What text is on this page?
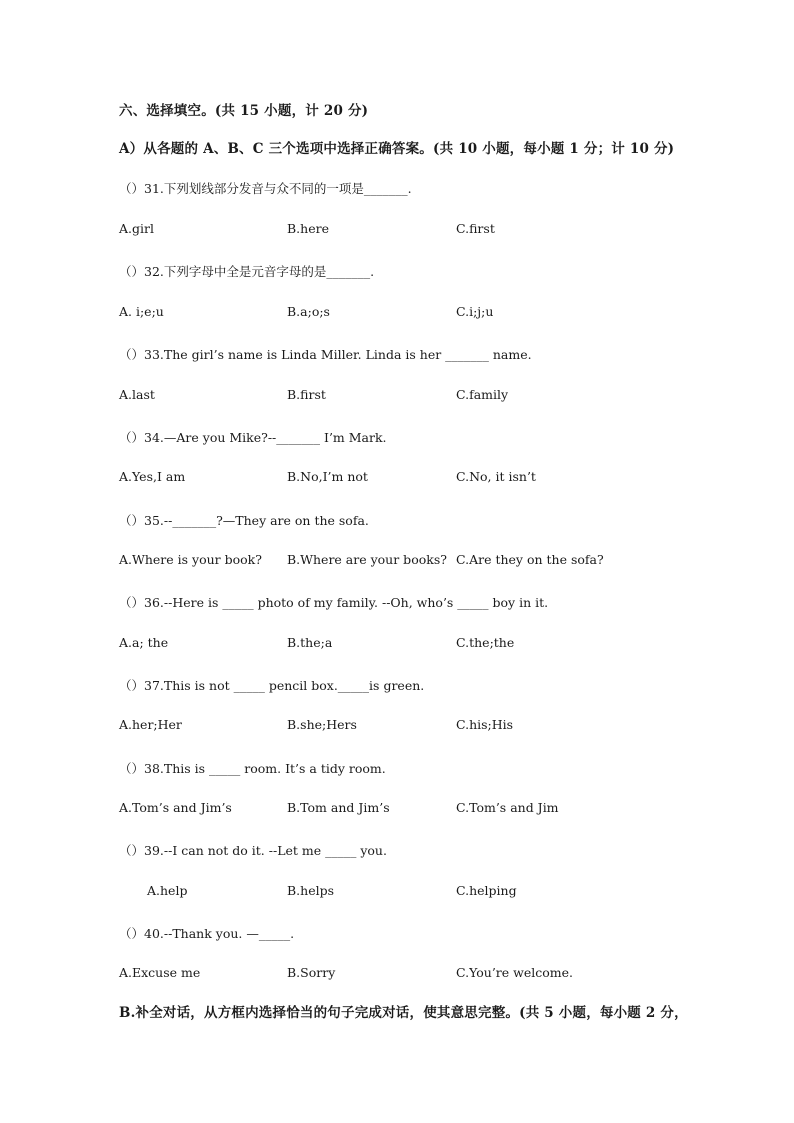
六、选择填空。(共 15 小题，计 20 分)
A）从各题的 A、B、C 三个选项中选择正确答案。(共 10 小题，每小题 1 分；计 10 分)
（）31.下列划线部分发音与众不同的一项是_______.
A.girl	B.here	C.first
（）32.下列字母中全是元音字母的是_______.
A. i;e;u	B.a;o;s	C.i;j;u
（）33.The girl’s name is Linda Miller. Linda is her _______ name.
A.last	B.first	C.family
（）34.—Are you Mike?--_______ I’m Mark.
A.Yes,I am	B.No,I’m not	C.No, it isn’t
（）35.--_______?—They are on the sofa.
A.Where is your book? B.Where are your books? C.Are they on the sofa?
（）36.--Here is _____ photo of my family. --Oh, who’s _____ boy in it.
A.a; the	B.the;a	C.the;the
（）37.This is not _____ pencil box._____is green.
A.her;Her	B.she;Hers	C.his;His
（）38.This is _____ room. It’s a tidy room.
A.Tom’s and Jim’s	B.Tom and Jim’s	C.Tom’s and Jim
（）39.--I can not do it. --Let me _____ you.
A.help	B.helps	C.helping
（）40.--Thank you. —_____.
A.Excuse me	B.Sorry	C.You’re welcome.
B.补全对话，从方框内选择恰当的句子完成对话，使其意思完整。(共 5 小题，每小题 2 分，
